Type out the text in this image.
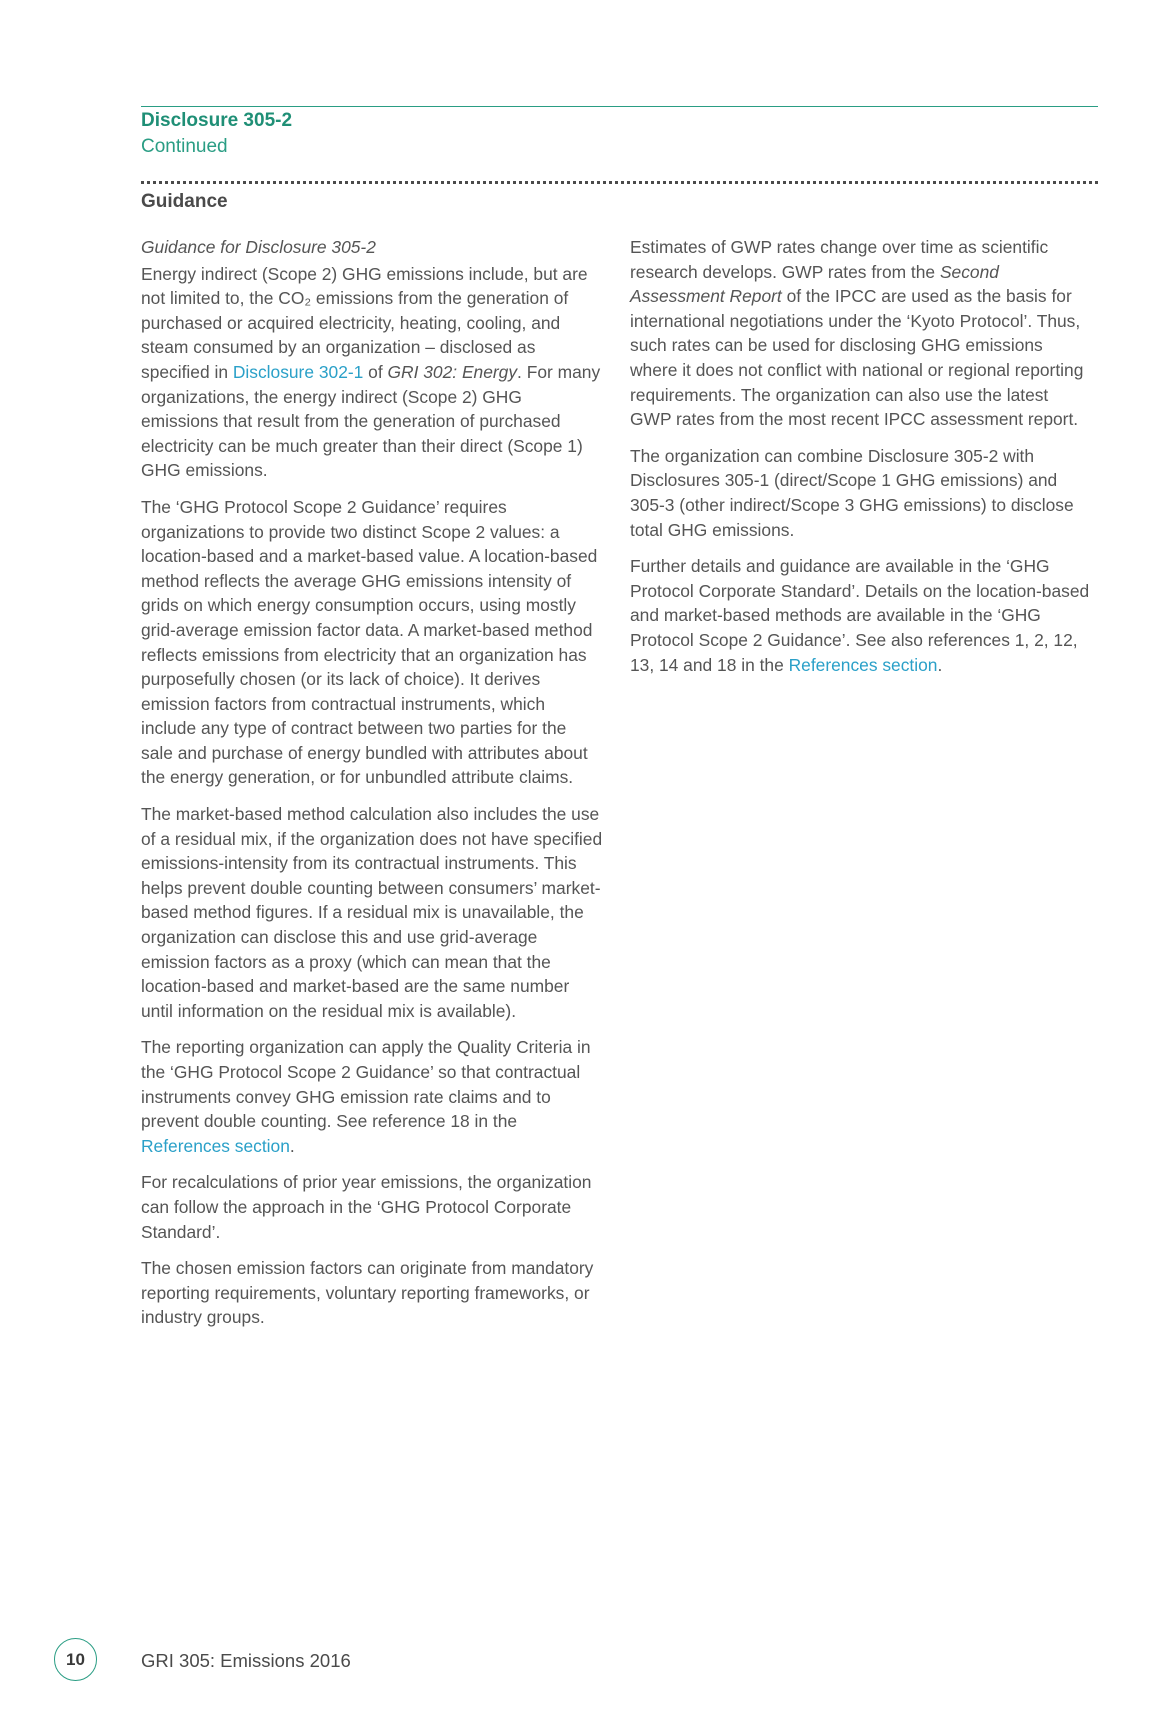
Disclosure 305-2
Continued
Guidance

Guidance for Disclosure 305-2

Energy indirect (Scope 2) GHG emissions include, but are not limited to, the CO₂ emissions from the generation of purchased or acquired electricity, heating, cooling, and steam consumed by an organization – disclosed as specified in Disclosure 302-1 of GRI 302: Energy. For many organizations, the energy indirect (Scope 2) GHG emissions that result from the generation of purchased electricity can be much greater than their direct (Scope 1) GHG emissions.

The ‘GHG Protocol Scope 2 Guidance’ requires organizations to provide two distinct Scope 2 values: a location-based and a market-based value. A location-based method reflects the average GHG emissions intensity of grids on which energy consumption occurs, using mostly grid-average emission factor data. A market-based method reflects emissions from electricity that an organization has purposefully chosen (or its lack of choice). It derives emission factors from contractual instruments, which include any type of contract between two parties for the sale and purchase of energy bundled with attributes about the energy generation, or for unbundled attribute claims.

The market-based method calculation also includes the use of a residual mix, if the organization does not have specified emissions-intensity from its contractual instruments. This helps prevent double counting between consumers’ market-based method figures. If a residual mix is unavailable, the organization can disclose this and use grid-average emission factors as a proxy (which can mean that the location-based and market-based are the same number until information on the residual mix is available).

The reporting organization can apply the Quality Criteria in the ‘GHG Protocol Scope 2 Guidance’ so that contractual instruments convey GHG emission rate claims and to prevent double counting. See reference 18 in the References section.

For recalculations of prior year emissions, the organization can follow the approach in the ‘GHG Protocol Corporate Standard’.

The chosen emission factors can originate from mandatory reporting requirements, voluntary reporting frameworks, or industry groups.

Estimates of GWP rates change over time as scientific research develops. GWP rates from the Second Assessment Report of the IPCC are used as the basis for international negotiations under the ‘Kyoto Protocol’. Thus, such rates can be used for disclosing GHG emissions where it does not conflict with national or regional reporting requirements. The organization can also use the latest GWP rates from the most recent IPCC assessment report.

The organization can combine Disclosure 305-2 with Disclosures 305-1 (direct/Scope 1 GHG emissions) and 305-3 (other indirect/Scope 3 GHG emissions) to disclose total GHG emissions.

Further details and guidance are available in the ‘GHG Protocol Corporate Standard’. Details on the location-based and market-based methods are available in the ‘GHG Protocol Scope 2 Guidance’. See also references 1, 2, 12, 13, 14 and 18 in the References section.

10	GRI 305: Emissions 2016
